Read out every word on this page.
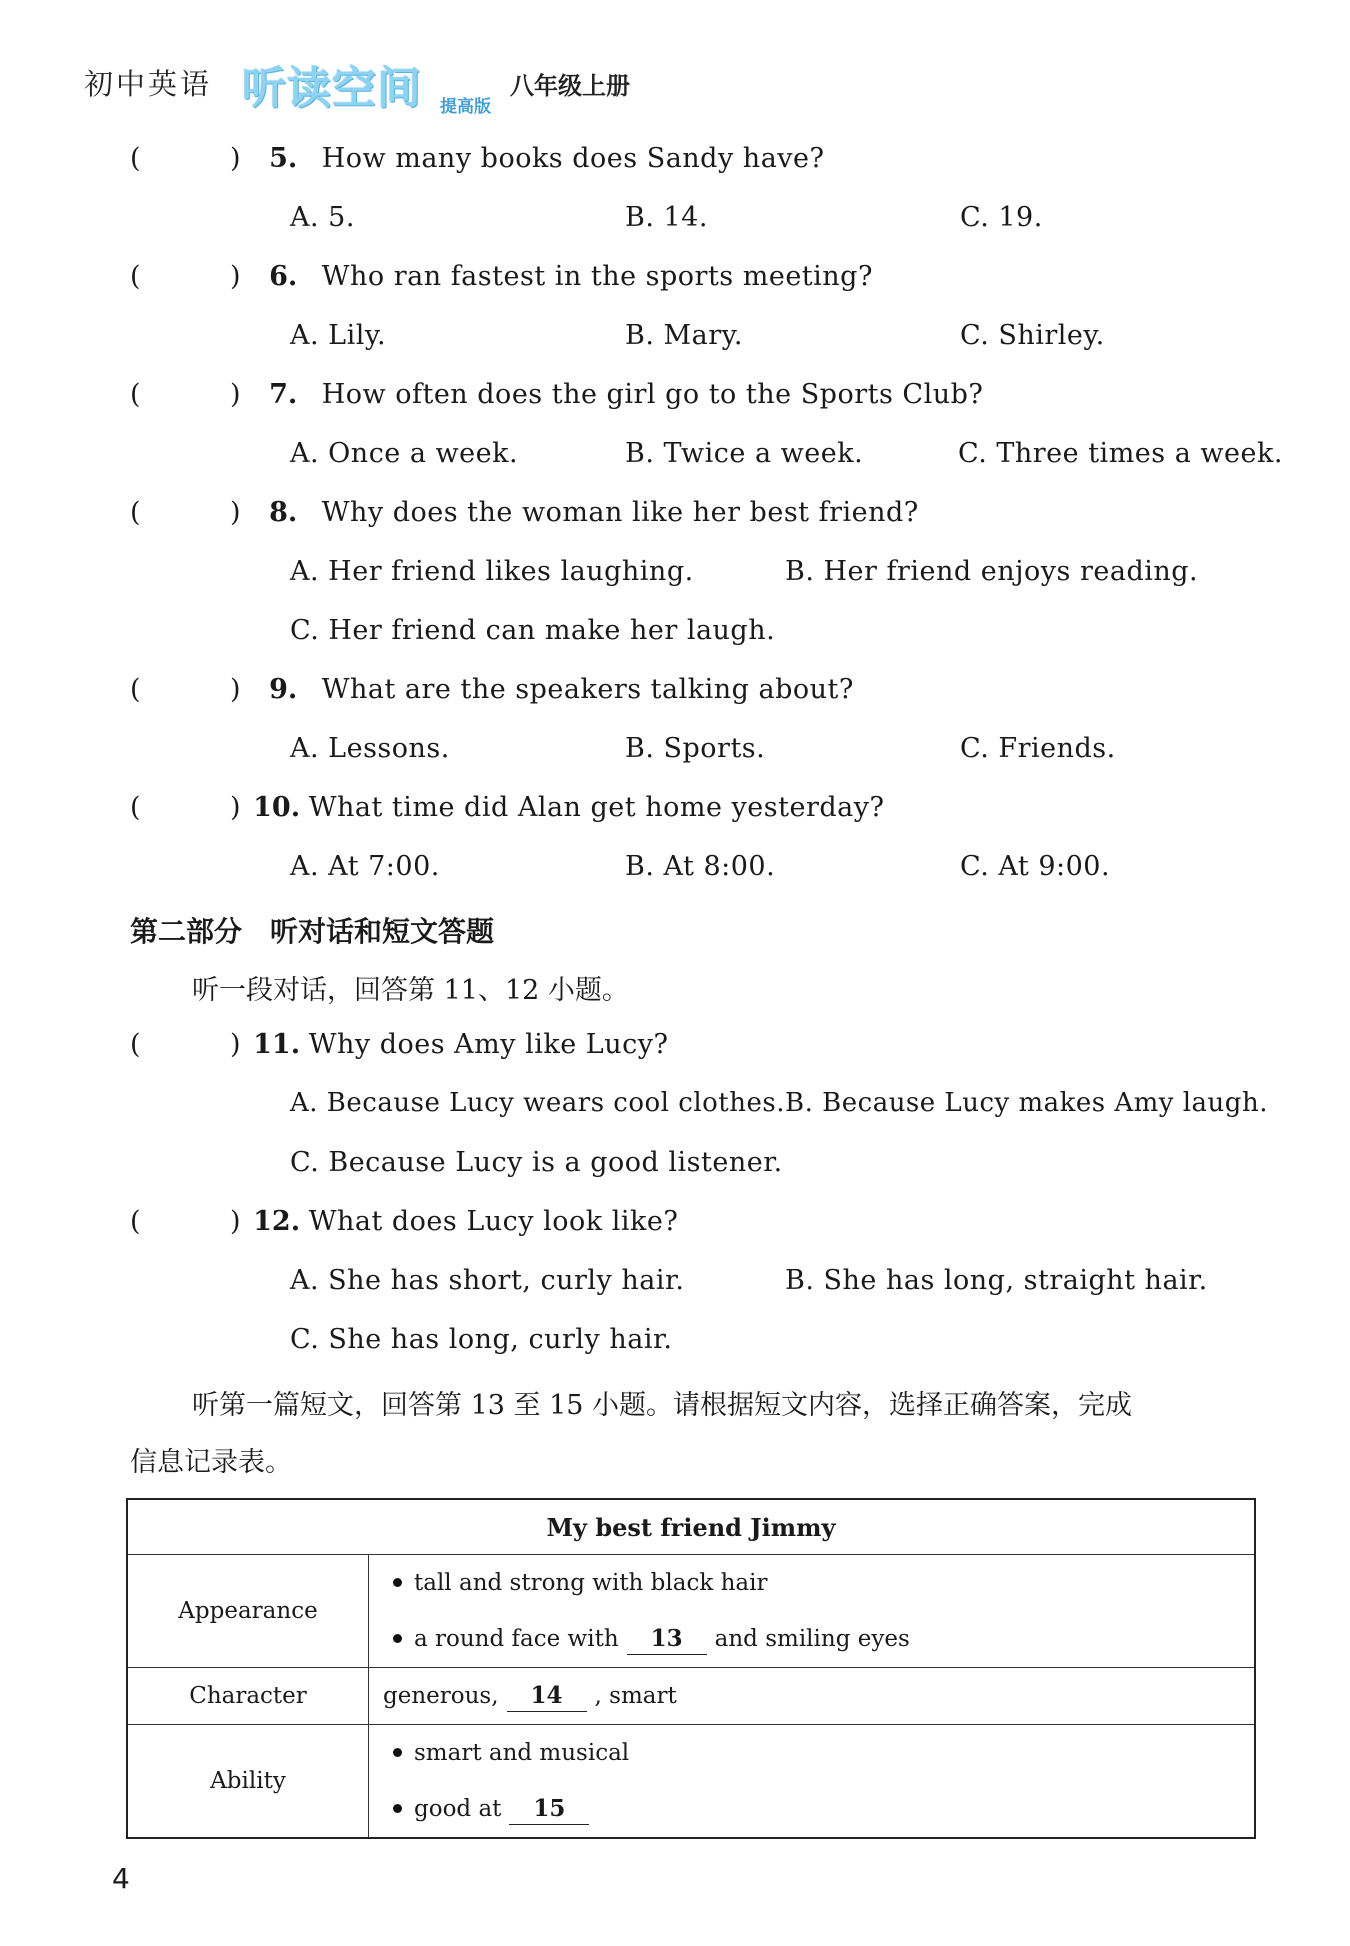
初中英语 听读空间 提高版
八年级上册
(	) 5. How many books does Sandy have?
A. 5.	B. 14.	C. 19.
(	) 6. Who ran fastest in the sports meeting?
A. Lily.	B. Mary.	C. Shirley.
(	) 7. How often does the girl go to the Sports Club?
A. Once a week.	B. Twice a week.	C. Three times a week.
(	) 8. Why does the woman like her best friend?
A. Her friend likes laughing.	B. Her friend enjoys reading.
C. Her friend can make her laugh.
(	) 9. What are the speakers talking about?
A. Lessons.	B. Sports.	C. Friends.
(	) 10. What time did Alan get home yesterday?
A. At 7:00.	B. At 8:00.	C. At 9:00.
第二部分　听对话和短文答题
听一段对话，回答第 11、12 小题。
(	) 11. Why does Amy like Lucy?
A. Because Lucy wears cool clothes. B. Because Lucy makes Amy laugh.
C. Because Lucy is a good listener.
(	) 12. What does Lucy look like?
A. She has short, curly hair.	B. She has long, straight hair.
C. She has long, curly hair.
听第一篇短文，回答第 13 至 15 小题。请根据短文内容，选择正确答案，完成
信息记录表。
My best friend Jimmy	
Appearance	tall and strong with black hair
a round face with 13 and smiling eyes

Character	generous, 14 , smart

Ability	smart and musical
good at 15
4
